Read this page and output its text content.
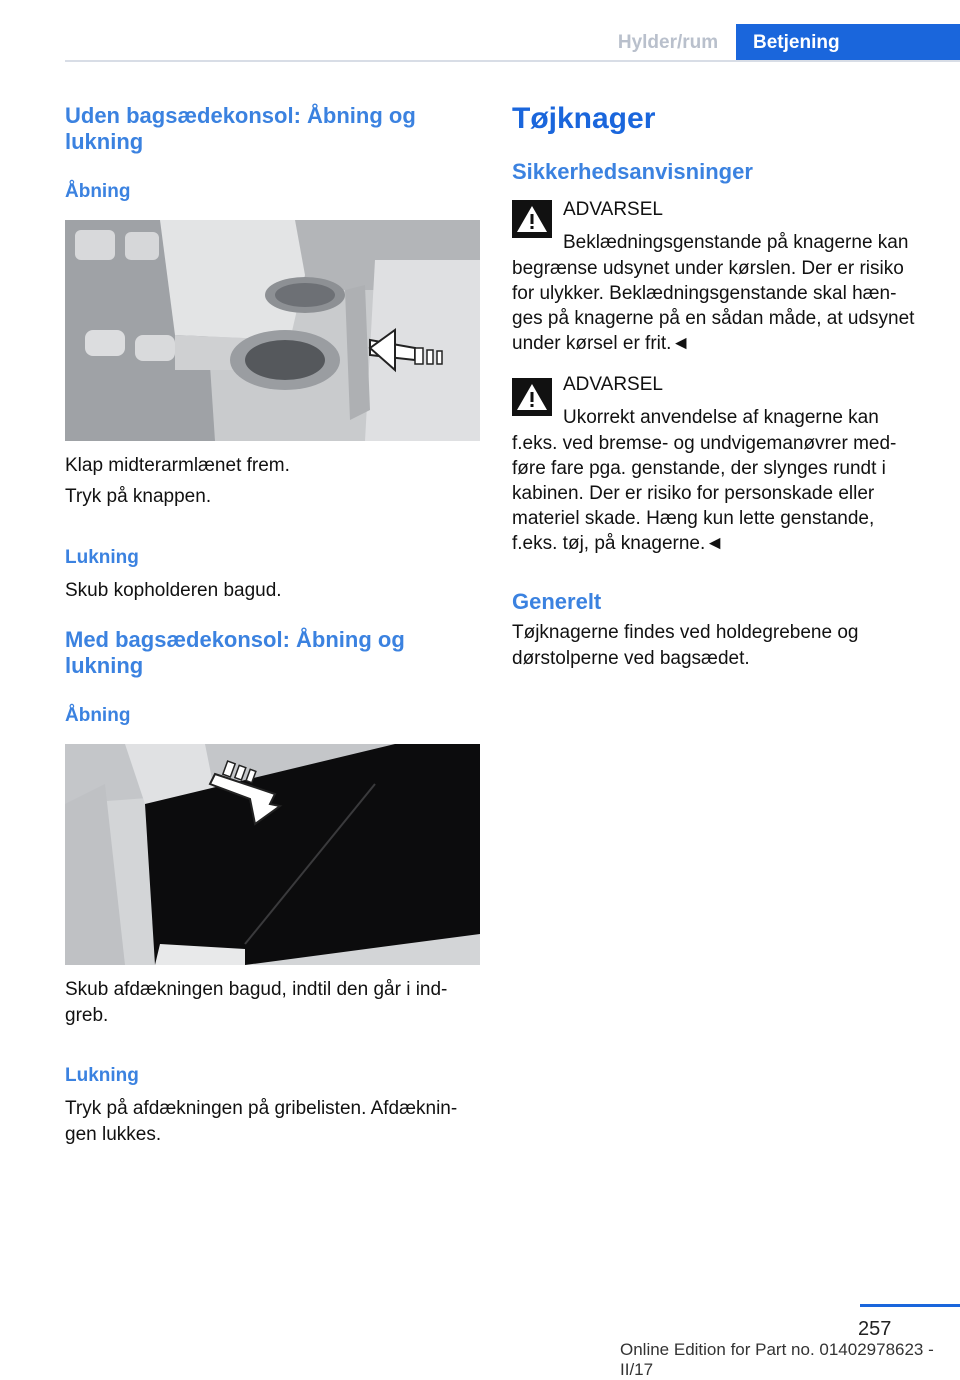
Hylder/rum	Betjening
Uden bagsædekonsol: Åbning og lukning
Åbning
Klap midterarmlænet frem.
Tryk på knappen.
Lukning
Skub kopholderen bagud.
Med bagsædekonsol: Åbning og lukning
Åbning
Skub afdækningen bagud, indtil den går i ind-
greb.
Lukning
Tryk på afdækningen på gribelisten. Afdæknin-
gen lukkes.
Tøjknager
Sikkerhedsanvisninger
ADVARSEL
Beklædningsgenstande på knagerne kan
begrænse udsynet under kørslen. Der er risiko
for ulykker. Beklædningsgenstande skal hæn-
ges på knagerne på en sådan måde, at udsynet
under kørsel er frit.◄
ADVARSEL
Ukorrekt anvendelse af knagerne kan
f.eks. ved bremse- og undvigemanøvrer med-
føre fare pga. genstande, der slynges rundt i
kabinen. Der er risiko for personskade eller
materiel skade. Hæng kun lette genstande,
f.eks. tøj, på knagerne.◄
Generelt
Tøjknagerne findes ved holdegrebene og
dørstolperne ved bagsædet.
257
Online Edition for Part no. 01402978623 - II/17
